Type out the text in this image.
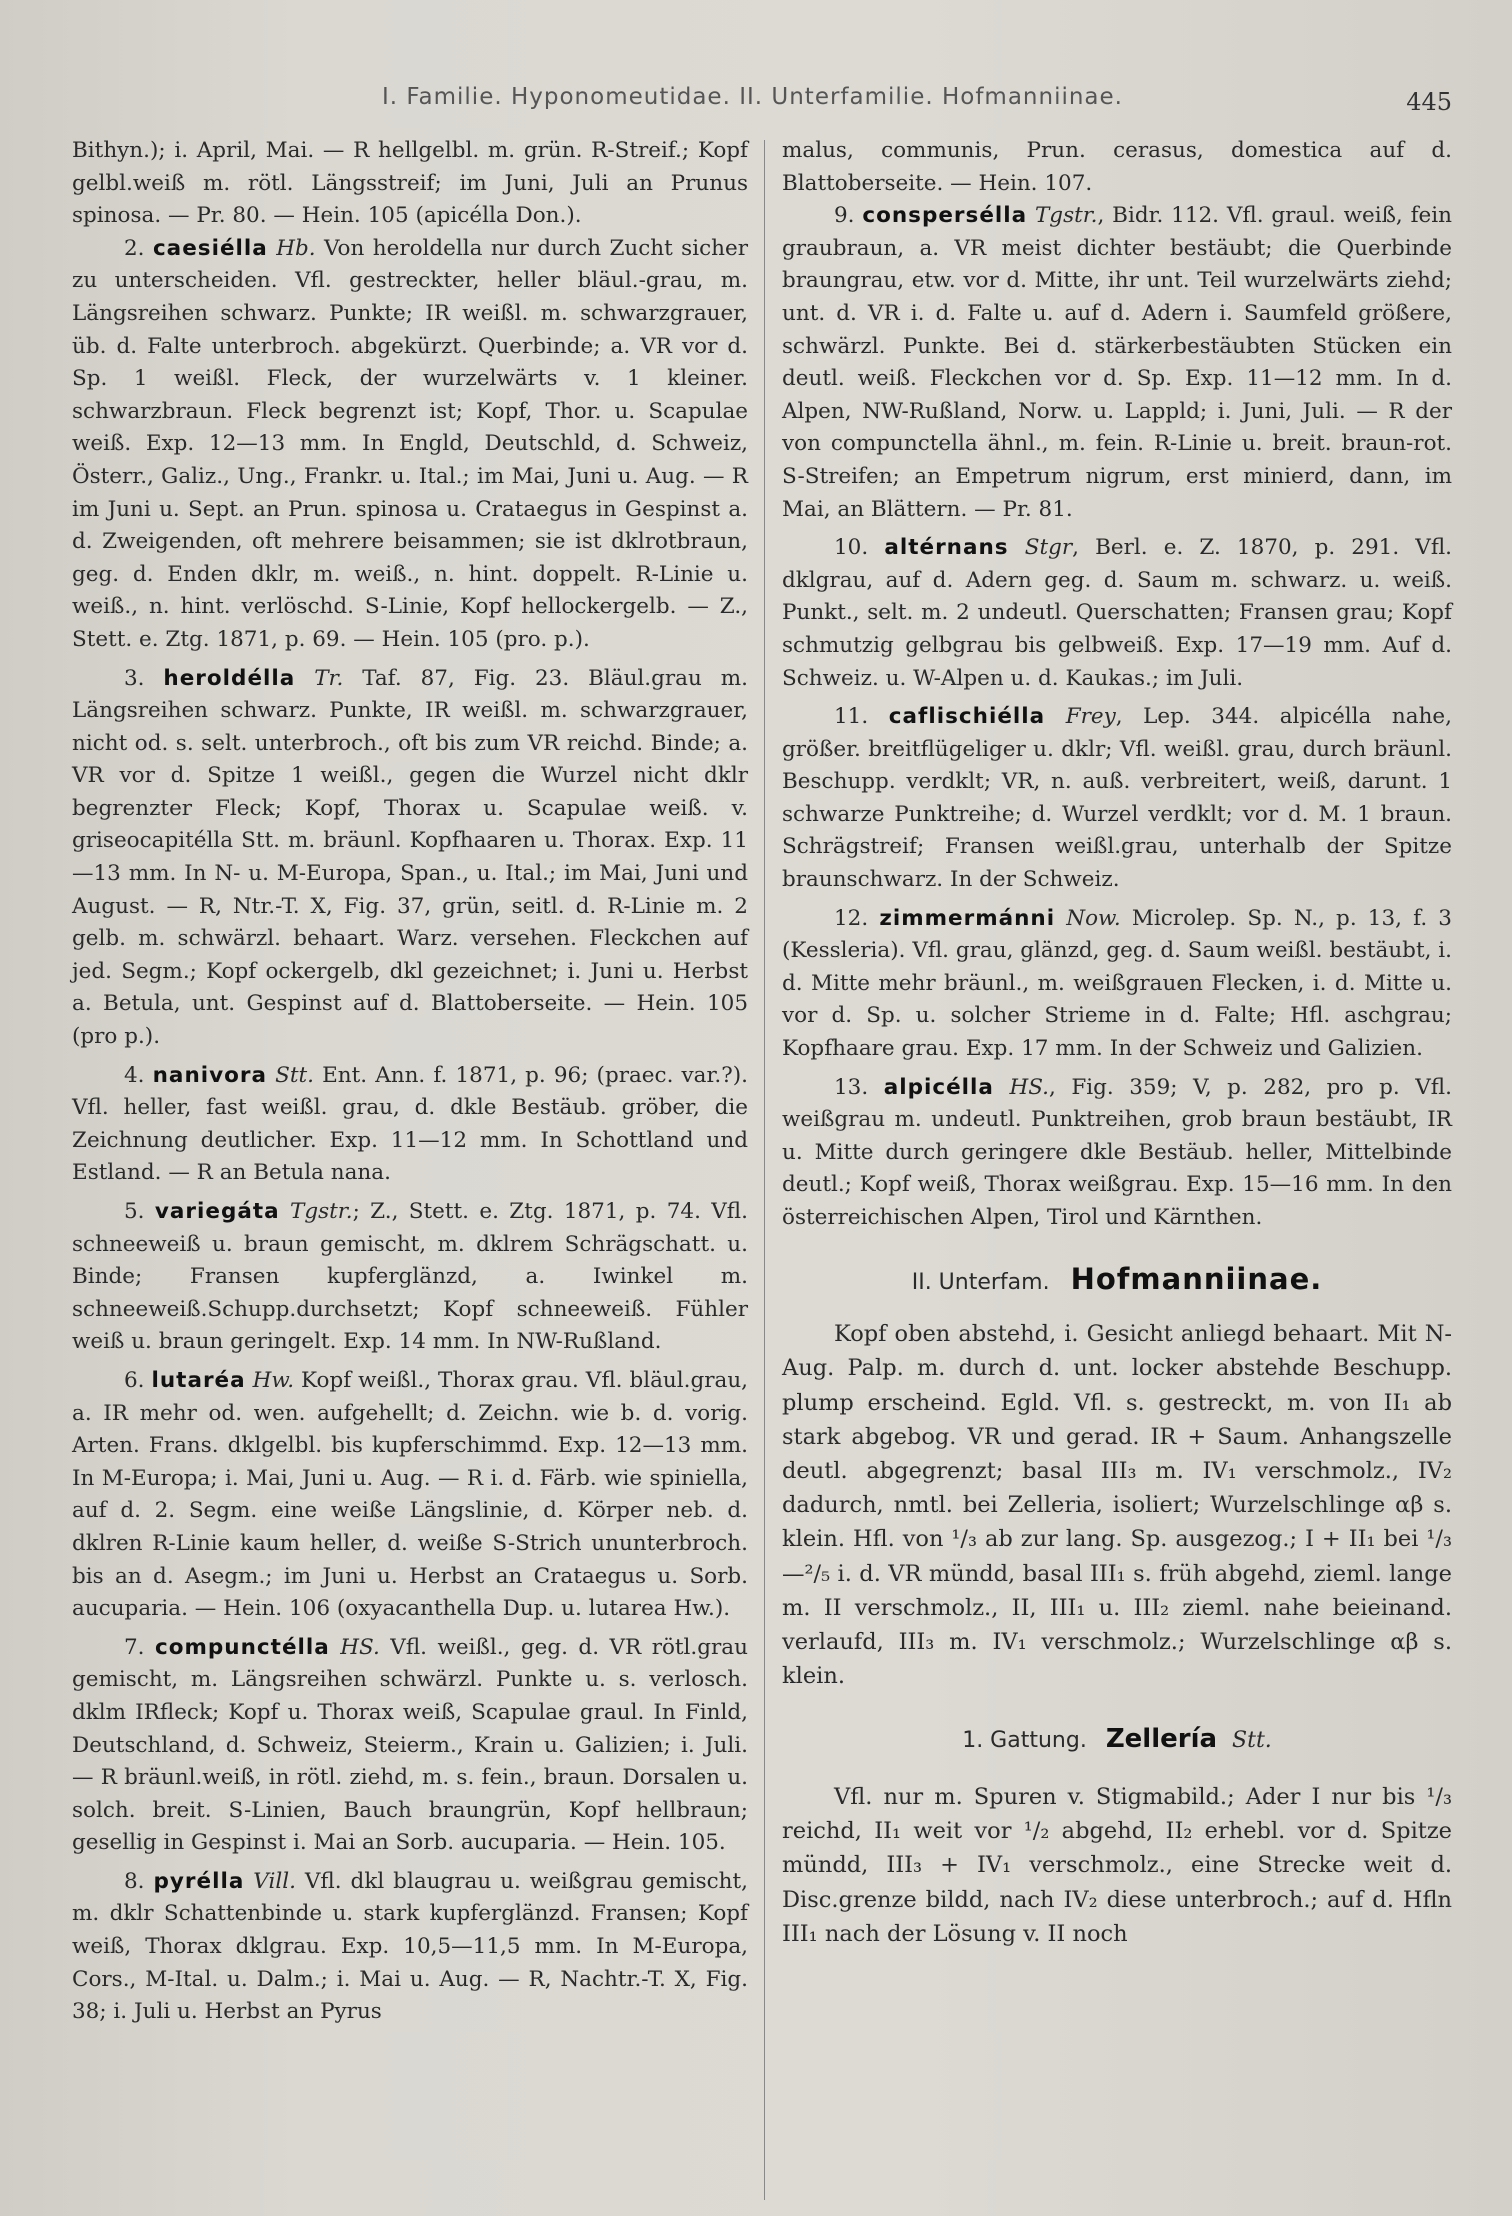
I. Familie. Hyponomeutidae. II. Unterfamilie. Hofmanniinae.	445

Bithyn.); i. April, Mai. — R hellgelbl. m. grün. R-Streif.; Kopf gelbl.weiß m. rötl. Längsstreif; im Juni, Juli an Prunus spinosa. — Pr. 80. — Hein. 105 (apicélla Don.).

2. caesiélla Hb. Von heroldella nur durch Zucht sicher zu unterscheiden. Vfl. gestreckter, heller bläul.-grau, m. Längsreihen schwarz. Punkte; IR weißl. m. schwarzgrauer, üb. d. Falte unterbroch. abgekürzt. Querbinde; a. VR vor d. Sp. 1 weißl. Fleck, der wurzelwärts v. 1 kleiner. schwarzbraun. Fleck begrenzt ist; Kopf, Thor. u. Scapulae weiß. Exp. 12—13 mm. In Engld, Deutschld, d. Schweiz, Österr., Galiz., Ung., Frankr. u. Ital.; im Mai, Juni u. Aug. — R im Juni u. Sept. an Prun. spinosa u. Crataegus in Gespinst a. d. Zweigenden, oft mehrere beisammen; sie ist dklrotbraun, geg. d. Enden dklr, m. weiß., n. hint. doppelt. R-Linie u. weiß., n. hint. verlöschd. S-Linie, Kopf hellockergelb. — Z., Stett. e. Ztg. 1871, p. 69. — Hein. 105 (pro. p.).

3. heroldélla Tr. Taf. 87, Fig. 23. Bläul.grau m. Längsreihen schwarz. Punkte, IR weißl. m. schwarzgrauer, nicht od. s. selt. unterbroch., oft bis zum VR reichd. Binde; a. VR vor d. Spitze 1 weißl., gegen die Wurzel nicht dklr begrenzter Fleck; Kopf, Thorax u. Scapulae weiß. v. griseocapitélla Stt. m. bräunl. Kopfhaaren u. Thorax. Exp. 11—13 mm. In N- u. M-Europa, Span., u. Ital.; im Mai, Juni und August. — R, Ntr.-T. X, Fig. 37, grün, seitl. d. R-Linie m. 2 gelb. m. schwärzl. behaart. Warz. versehen. Fleckchen auf jed. Segm.; Kopf ockergelb, dkl gezeichnet; i. Juni u. Herbst a. Betula, unt. Gespinst auf d. Blattoberseite. — Hein. 105 (pro p.).

4. nanivora Stt. Ent. Ann. f. 1871, p. 96; (praec. var.?). Vfl. heller, fast weißl. grau, d. dkle Bestäub. gröber, die Zeichnung deutlicher. Exp. 11—12 mm. In Schottland und Estland. — R an Betula nana.

5. variegáta Tgstr.; Z., Stett. e. Ztg. 1871, p. 74. Vfl. schneeweiß u. braun gemischt, m. dklrem Schrägschatt. u. Binde; Fransen kupferglänzd, a. Iwinkel m. schneeweiß.Schupp.durchsetzt; Kopf schneeweiß. Fühler weiß u. braun geringelt. Exp. 14 mm. In NW-Rußland.

6. lutaréa Hw. Kopf weißl., Thorax grau. Vfl. bläul.grau, a. IR mehr od. wen. aufgehellt; d. Zeichn. wie b. d. vorig. Arten. Frans. dklgelbl. bis kupferschimmd. Exp. 12—13 mm. In M-Europa; i. Mai, Juni u. Aug. — R i. d. Färb. wie spiniella, auf d. 2. Segm. eine weiße Längslinie, d. Körper neb. d. dklren R-Linie kaum heller, d. weiße S-Strich ununterbroch. bis an d. Asegm.; im Juni u. Herbst an Crataegus u. Sorb. aucuparia. — Hein. 106 (oxyacanthella Dup. u. lutarea Hw.).

7. compunctélla HS. Vfl. weißl., geg. d. VR rötl.grau gemischt, m. Längsreihen schwärzl. Punkte u. s. verlosch. dklm IRfleck; Kopf u. Thorax weiß, Scapulae graul. In Finld, Deutschland, d. Schweiz, Steierm., Krain u. Galizien; i. Juli. — R bräunl.weiß, in rötl. ziehd, m. s. fein., braun. Dorsalen u. solch. breit. S-Linien, Bauch braungrün, Kopf hellbraun; gesellig in Gespinst i. Mai an Sorb. aucuparia. — Hein. 105.

8. pyrélla Vill. Vfl. dkl blaugrau u. weißgrau gemischt, m. dklr Schattenbinde u. stark kupferglänzd. Fransen; Kopf weiß, Thorax dklgrau. Exp. 10,5—11,5 mm. In M-Europa, Cors., M-Ital. u. Dalm.; i. Mai u. Aug. — R, Nachtr.-T. X, Fig. 38; i. Juli u. Herbst an Pyrus

malus, communis, Prun. cerasus, domestica auf d. Blattoberseite. — Hein. 107.

9. conspersélla Tgstr., Bidr. 112. Vfl. graul. weiß, fein graubraun, a. VR meist dichter bestäubt; die Querbinde braungrau, etw. vor d. Mitte, ihr unt. Teil wurzelwärts ziehd; unt. d. VR i. d. Falte u. auf d. Adern i. Saumfeld größere, schwärzl. Punkte. Bei d. stärkerbestäubten Stücken ein deutl. weiß. Fleckchen vor d. Sp. Exp. 11—12 mm. In d. Alpen, NW-Rußland, Norw. u. Lappld; i. Juni, Juli. — R der von compunctella ähnl., m. fein. R-Linie u. breit. braun-rot. S-Streifen; an Empetrum nigrum, erst minierd, dann, im Mai, an Blättern. — Pr. 81.

10. altérnans Stgr, Berl. e. Z. 1870, p. 291. Vfl. dklgrau, auf d. Adern geg. d. Saum m. schwarz. u. weiß. Punkt., selt. m. 2 undeutl. Querschatten; Fransen grau; Kopf schmutzig gelbgrau bis gelbweiß. Exp. 17—19 mm. Auf d. Schweiz. u. W-Alpen u. d. Kaukas.; im Juli.

11. caflischiélla Frey, Lep. 344. alpicélla nahe, größer. breitflügeliger u. dklr; Vfl. weißl. grau, durch bräunl. Beschupp. verdklt; VR, n. auß. verbreitert, weiß, darunt. 1 schwarze Punktreihe; d. Wurzel verdklt; vor d. M. 1 braun. Schrägstreif; Fransen weißl.grau, unterhalb der Spitze braunschwarz. In der Schweiz.

12. zimmermánni Now. Microlep. Sp. N., p. 13, f. 3 (Kessleria). Vfl. grau, glänzd, geg. d. Saum weißl. bestäubt, i. d. Mitte mehr bräunl., m. weißgrauen Flecken, i. d. Mitte u. vor d. Sp. u. solcher Strieme in d. Falte; Hfl. aschgrau; Kopfhaare grau. Exp. 17 mm. In der Schweiz und Galizien.

13. alpicélla HS., Fig. 359; V, p. 282, pro p. Vfl. weißgrau m. undeutl. Punktreihen, grob braun bestäubt, IR u. Mitte durch geringere dkle Bestäub. heller, Mittelbinde deutl.; Kopf weiß, Thorax weißgrau. Exp. 15—16 mm. In den österreichischen Alpen, Tirol und Kärnthen.

II. Unterfam. Hofmanniinae.

Kopf oben abstehd, i. Gesicht anliegd behaart. Mit N-Aug. Palp. m. durch d. unt. locker abstehde Beschupp. plump erscheind. Egld. Vfl. s. gestreckt, m. von II₁ ab stark abgebog. VR und gerad. IR + Saum. Anhangszelle deutl. abgegrenzt; basal III₃ m. IV₁ verschmolz., IV₂ dadurch, nmtl. bei Zelleria, isoliert; Wurzelschlinge αβ s. klein. Hfl. von ¹/₃ ab zur lang. Sp. ausgezog.; I + II₁ bei ¹/₃—²/₅ i. d. VR mündd, basal III₁ s. früh abgehd, zieml. lange m. II verschmolz., II, III₁ u. III₂ zieml. nahe beieinand. verlaufd, III₃ m. IV₁ verschmolz.; Wurzelschlinge αβ s. klein.

1. Gattung. Zellería Stt.

Vfl. nur m. Spuren v. Stigmabild.; Ader I nur bis ¹/₃ reichd, II₁ weit vor ¹/₂ abgehd, II₂ erhebl. vor d. Spitze mündd, III₃ + IV₁ verschmolz., eine Strecke weit d. Disc.grenze bildd, nach IV₂ diese unterbroch.; auf d. Hfln III₁ nach der Lösung v. II noch
